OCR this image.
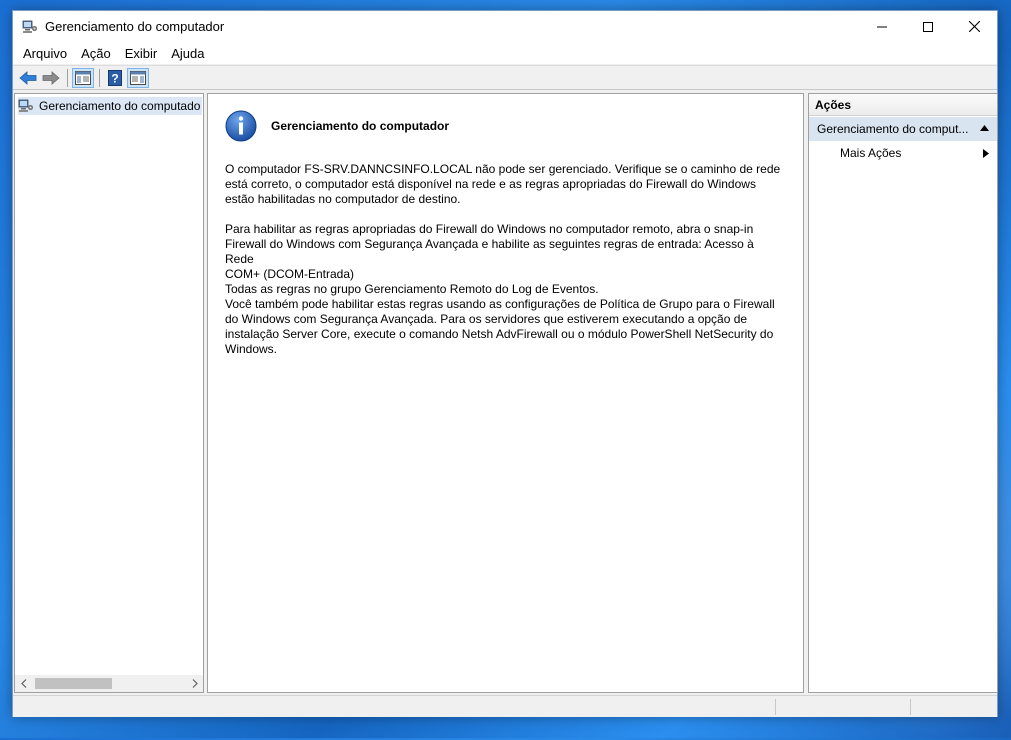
Gerenciamento do computador
Arquivo	Ação	Exibir	Ajuda
?
Gerenciamento do computado
Gerenciamento do computador

O computador FS-SRV.DANNCSINFO.LOCAL não pode ser gerenciado. Verifique se o caminho de rede

está correto, o computador está disponível na rede e as regras apropriadas do Firewall do Windows

estão habilitadas no computador de destino.

Para habilitar as regras apropriadas do Firewall do Windows no computador remoto, abra o snap-in

Firewall do Windows com Segurança Avançada e habilite as seguintes regras de entrada: Acesso à Rede

COM+ (DCOM-Entrada)

Todas as regras no grupo Gerenciamento Remoto do Log de Eventos.

Você também pode habilitar estas regras usando as configurações de Política de Grupo para o Firewall

do Windows com Segurança Avançada. Para os servidores que estiverem executando a opção de

instalação Server Core, execute o comando Netsh AdvFirewall ou o módulo PowerShell NetSecurity do

Windows.

Ações
Gerenciamento do comput...
Mais Ações
